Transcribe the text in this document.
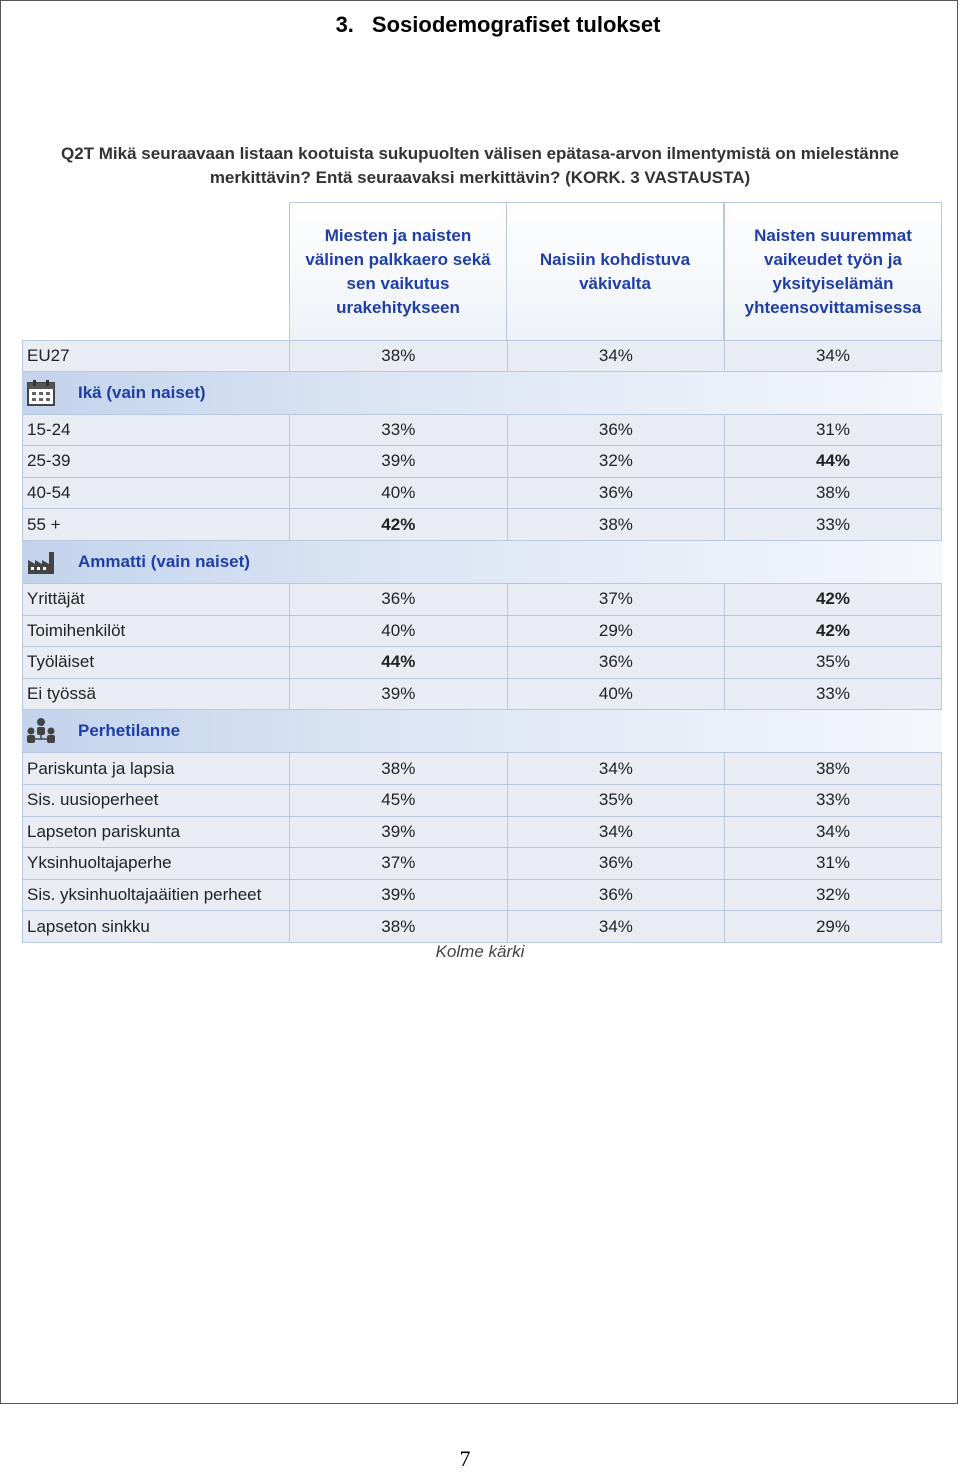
3. Sosiodemografiset tulokset
Q2T Mikä seuraavaan listaan kootuista sukupuolten välisen epätasa-arvon ilmentymistä on mielestänne
merkittävin? Entä seuraavaksi merkittävin? (KORK. 3 VASTAUSTA)
Miesten ja naisten
välinen palkkaero sekä
sen vaikutus
urakehitykseen
Naisiin kohdistuva
väkivalta
Naisten suuremmat
vaikeudet työn ja
yksityiselämän
yhteensovittamisessa
EU27	38%	34%	34%
Ikä (vain naiset)
15-24	33%	36%	31%
25-39	39%	32%	44%
40-54	40%	36%	38%
55 +	42%	38%	33%
Ammatti (vain naiset)
Yrittäjät	36%	37%	42%
Toimihenkilöt	40%	29%	42%
Työläiset	44%	36%	35%
Ei työssä	39%	40%	33%
Perhetilanne
Pariskunta ja lapsia	38%	34%	38%
Sis. uusioperheet	45%	35%	33%
Lapseton pariskunta	39%	34%	34%
Yksinhuoltajaperhe	37%	36%	31%
Sis. yksinhuoltajaäitien perheet	39%	36%	32%
Lapseton sinkku	38%	34%	29%
Kolme kärki
7
